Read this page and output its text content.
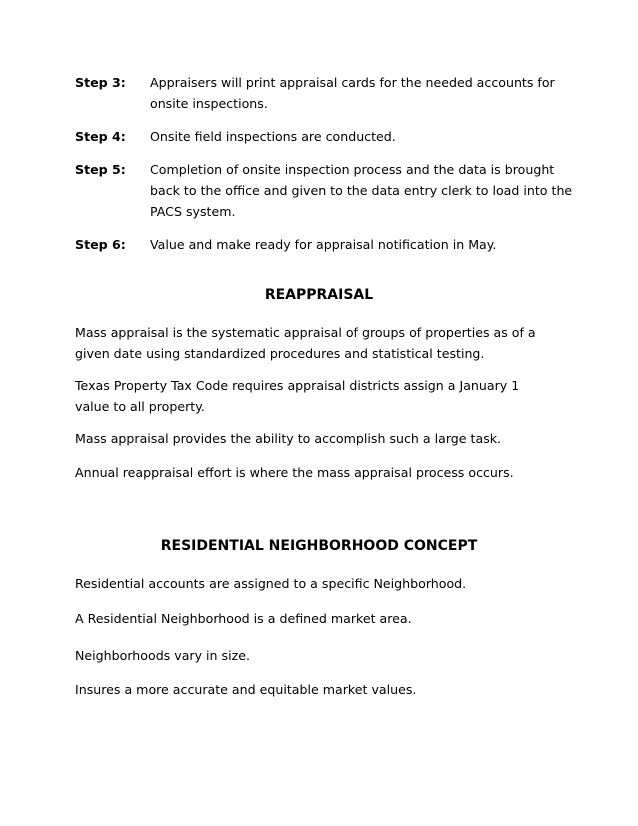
Step 3:	Appraisers will print appraisal cards for the needed accounts for onsite inspections.
Step 4:	Onsite field inspections are conducted.
Step 5:	Completion of onsite inspection process and the data is brought back to the office and given to the data entry clerk to load into the PACS system.
Step 6:	Value and make ready for appraisal notification in May.
REAPPRAISAL
Mass appraisal is the systematic appraisal of groups of properties as of a given date using standardized procedures and statistical testing.
Texas Property Tax Code requires appraisal districts assign a January 1 value to all property.
Mass appraisal provides the ability to accomplish such a large task.
Annual reappraisal effort is where the mass appraisal process occurs.
RESIDENTIAL NEIGHBORHOOD CONCEPT
Residential accounts are assigned to a specific Neighborhood.
A Residential Neighborhood is a defined market area.
Neighborhoods vary in size.
Insures a more accurate and equitable market values.
